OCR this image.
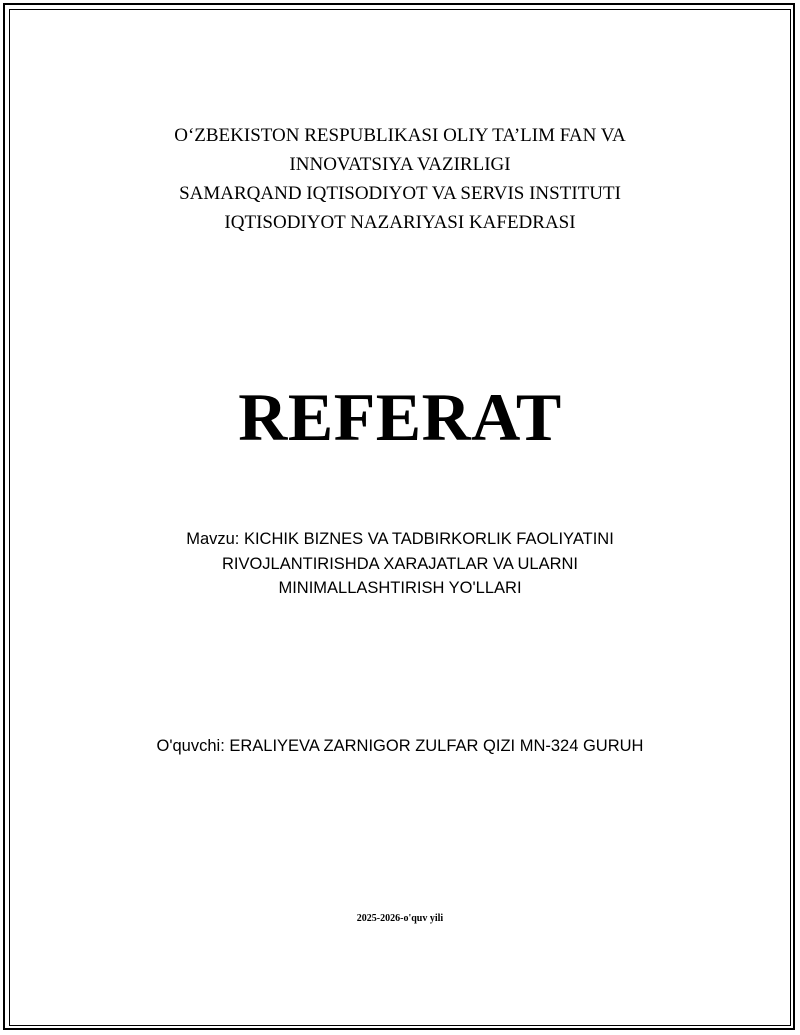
O‘ZBEKISTON RESPUBLIKASI OLIY TA’LIM FAN VA
INNOVATSIYA VAZIRLIGI
SAMARQAND IQTISODIYOT VA SERVIS INSTITUTI
IQTISODIYOT NAZARIYASI KAFEDRASI
REFERAT
Mavzu: KICHIK BIZNES VA TADBIRKORLIK FAOLIYATINI
RIVOJLANTIRISHDA XARAJATLAR VA ULARNI
MINIMALLASHTIRISH YO'LLARI
O'quvchi: ERALIYEVA ZARNIGOR ZULFAR QIZI MN-324 GURUH
2025-2026-o'quv yili
